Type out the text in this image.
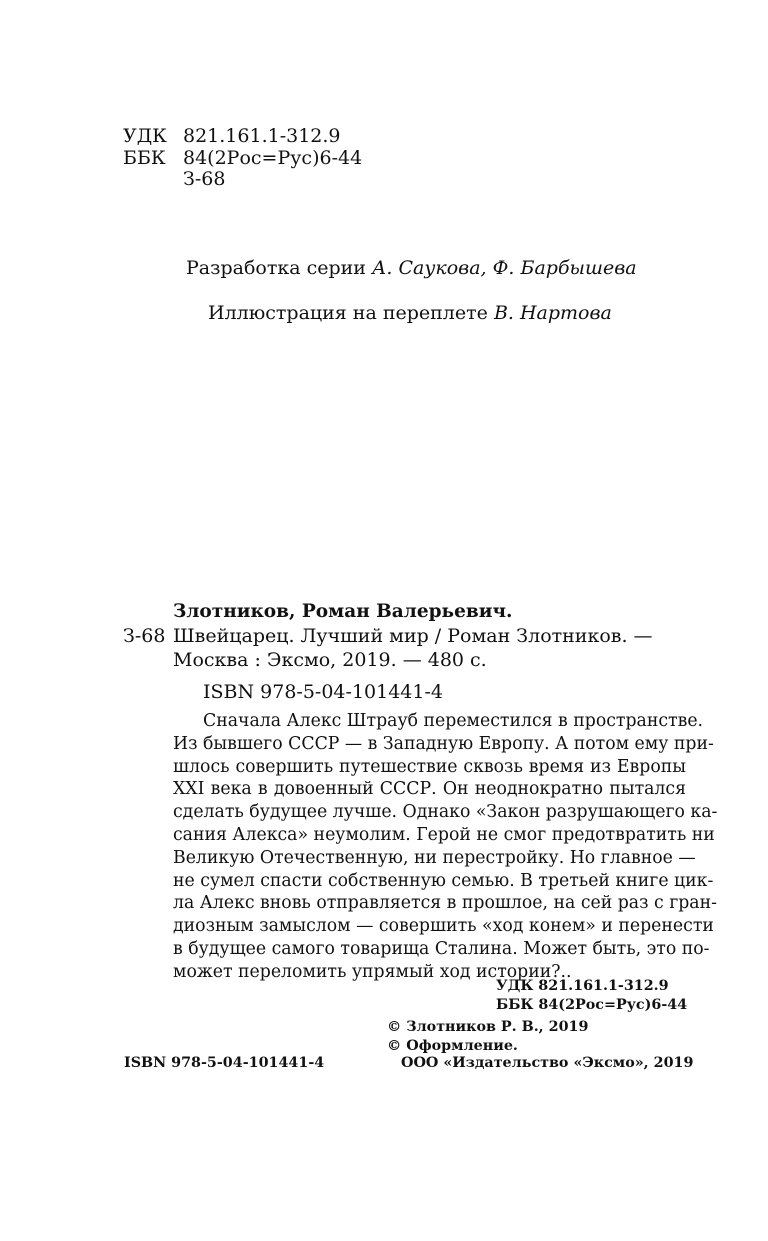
УДК 821.161.1-312.9
ББК 84(2Рос=Рус)6-44
З-68
Разработка серии А. Саукова, Ф. Барбышева
Иллюстрация на переплете В. Нартова
Злотников, Роман Валерьевич.
З-68 Швейцарец. Лучший мир / Роман Злотников. —
Москва : Эксмо, 2019. — 480 с.
ISBN 978-5-04-101441-4
Сначала Алекс Штрауб переместился в пространстве.
Из бывшего СССР — в Западную Европу. А потом ему при-
шлось совершить путешествие сквозь время из Европы
XXI века в довоенный СССР. Он неоднократно пытался
сделать будущее лучше. Однако «Закон разрушающего ка-
сания Алекса» неумолим. Герой не смог предотвратить ни
Великую Отечественную, ни перестройку. Но главное —
не сумел спасти собственную семью. В третьей книге цик-
ла Алекс вновь отправляется в прошлое, на сей раз с гран-
диозным замыслом — совершить «ход конем» и перенести
в будущее самого товарища Сталина. Может быть, это по-
может переломить упрямый ход истории?..
УДК 821.161.1-312.9
ББК 84(2Рос=Рус)6-44
© Злотников Р. В., 2019
© Оформление.
ISBN 978-5-04-101441-4	ООО «Издательство «Эксмо», 2019
